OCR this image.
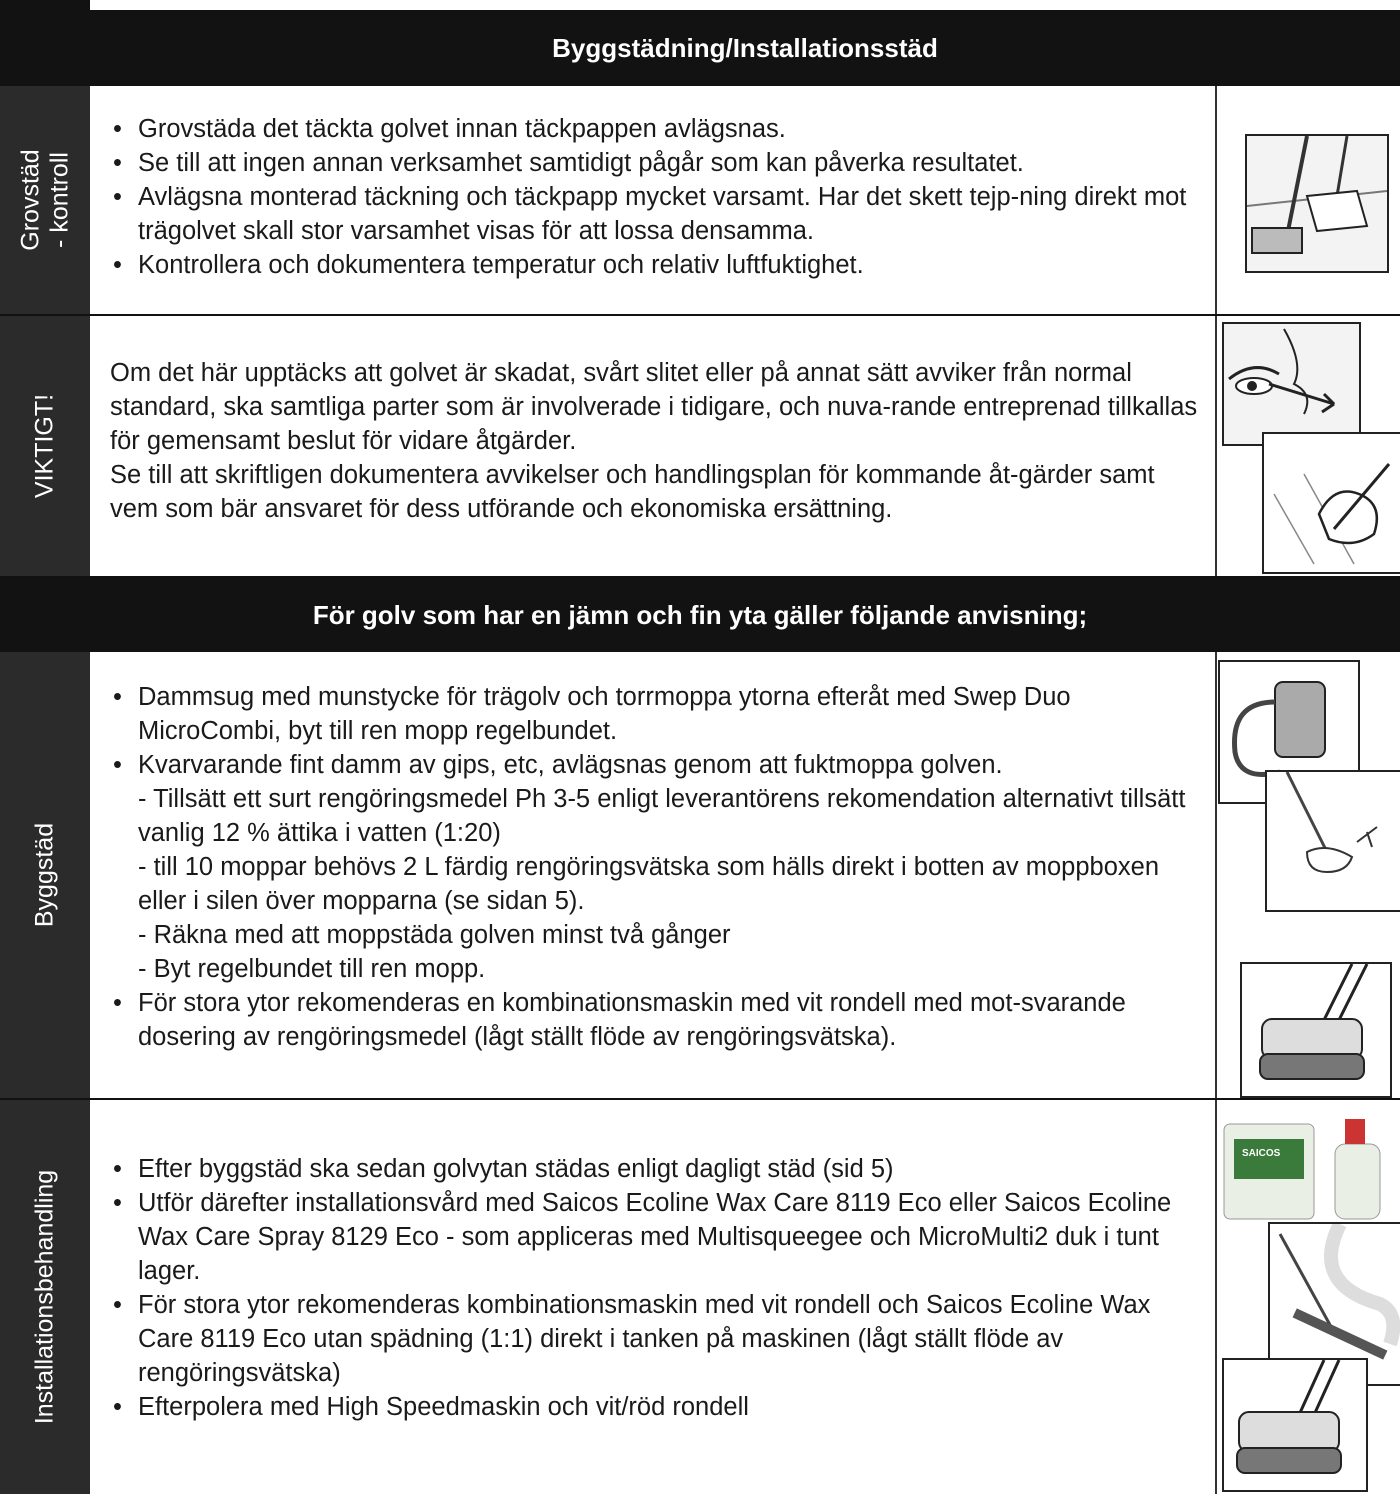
Byggstädning/Installationsstäd
Grovstäd
- kontroll
• Grovstäda det täckta golvet innan täckpappen avlägsnas.
• Se till att ingen annan verksamhet samtidigt pågår som kan påverka resultatet.
• Avlägsna monterad täckning och täckpapp mycket varsamt. Har det skett tejp-ning direkt mot trägolvet skall stor varsamhet visas för att lossa densamma.
• Kontrollera och dokumentera temperatur och relativ luftfuktighet.
VIKTIGT!
Om det här upptäcks att golvet är skadat, svårt slitet eller på annat sätt avviker från normal standard, ska samtliga parter som är involverade i tidigare, och nuva-rande entreprenad tillkallas för gemensamt beslut för vidare åtgärder.
Se till att skriftligen dokumentera avvikelser och handlingsplan för kommande åt-gärder samt vem som bär ansvaret för dess utförande och ekonomiska ersättning.
För golv som har en jämn och fin yta gäller följande anvisning;
Byggstäd
• Dammsug med munstycke för trägolv och torrmoppa ytorna efteråt med Swep Duo MicroCombi, byt till ren mopp regelbundet.
• Kvarvarande fint damm av gips, etc, avlägsnas genom att fuktmoppa golven.
- Tillsätt ett surt rengöringsmedel Ph 3-5 enligt leverantörens rekomendation alternativt tillsätt vanlig 12 % ättika i vatten (1:20)
- till 10 moppar behövs 2 L färdig rengöringsvätska som hälls direkt i botten av moppboxen eller i silen över mopparna (se sidan 5).
- Räkna med att moppstäda golven minst två gånger
- Byt regelbundet till ren mopp.
• För stora ytor rekomenderas en kombinationsmaskin med vit rondell med mot-svarande dosering av rengöringsmedel (lågt ställt flöde av rengöringsvätska).
Installationsbehandling
• Efter byggstäd ska sedan golvytan städas enligt dagligt städ (sid 5)
• Utför därefter installationsvård med Saicos Ecoline Wax Care 8119 Eco eller Saicos Ecoline Wax Care Spray 8129 Eco - som appliceras med Multisqueegee och MicroMulti2 duk i tunt lager.
• För stora ytor rekomenderas kombinationsmaskin med vit rondell och Saicos Ecoline Wax Care 8119 Eco utan spädning (1:1) direkt i tanken på maskinen (lågt ställt flöde av rengöringsvätska)
• Efterpolera med High Speedmaskin och vit/röd rondell
SAICOS
